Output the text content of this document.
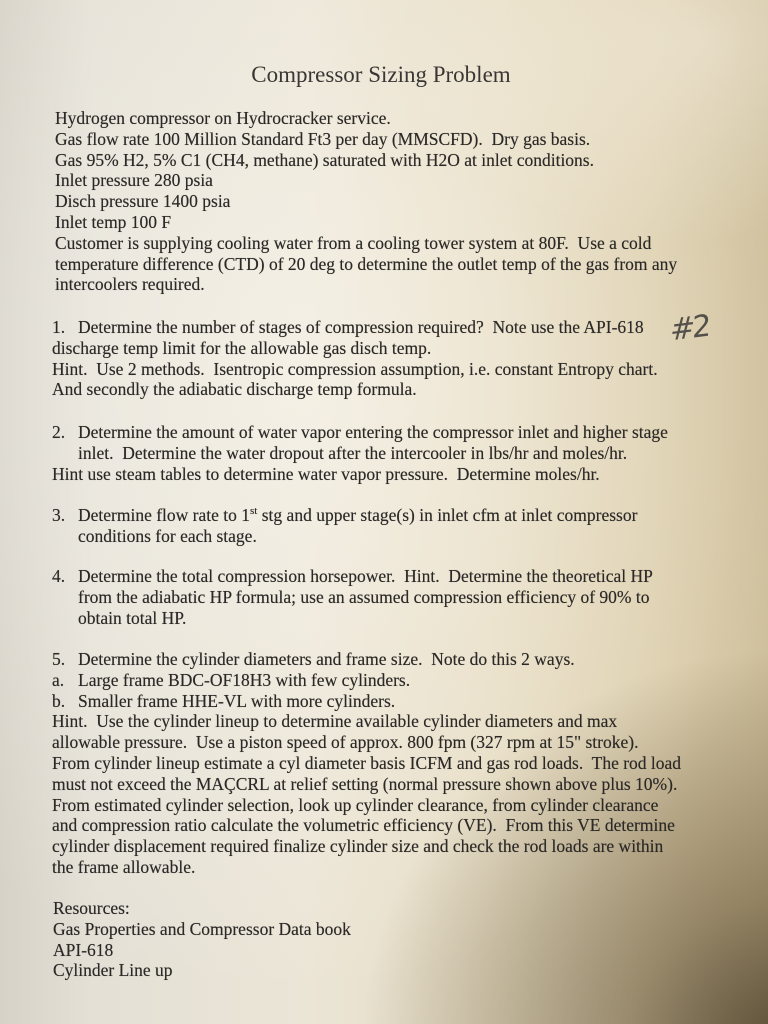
Compressor Sizing Problem
Hydrogen compressor on Hydrocracker service.
Gas flow rate 100 Million Standard Ft3 per day (MMSCFD).  Dry gas basis.
Gas 95% H2, 5% C1 (CH4, methane) saturated with H2O at inlet conditions.
Inlet pressure 280 psia
Disch pressure 1400 psia
Inlet temp 100 F
Customer is supplying cooling water from a cooling tower system at 80F.  Use a cold
temperature difference (CTD) of 20 deg to determine the outlet temp of the gas from any
intercoolers required.
1. Determine the number of stages of compression required?  Note use the API-618
discharge temp limit for the allowable gas disch temp.
Hint.  Use 2 methods.  Isentropic compression assumption, i.e. constant Entropy chart.
And secondly the adiabatic discharge temp formula.
#2
2. Determine the amount of water vapor entering the compressor inlet and higher stage
inlet.  Determine the water dropout after the intercooler in lbs/hr and moles/hr.
Hint use steam tables to determine water vapor pressure.  Determine moles/hr.
3. Determine flow rate to 1st stg and upper stage(s) in inlet cfm at inlet compressor
conditions for each stage.
4. Determine the total compression horsepower.  Hint.  Determine the theoretical HP
from the adiabatic HP formula; use an assumed compression efficiency of 90% to
obtain total HP.
5. Determine the cylinder diameters and frame size.  Note do this 2 ways.
a. Large frame BDC-OF18H3 with few cylinders.
b. Smaller frame HHE-VL with more cylinders.
Hint.  Use the cylinder lineup to determine available cylinder diameters and max
allowable pressure.  Use a piston speed of approx. 800 fpm (327 rpm at 15" stroke).
From cylinder lineup estimate a cyl diameter basis ICFM and gas rod loads.  The rod load
must not exceed the MAÇCRL at relief setting (normal pressure shown above plus 10%).
From estimated cylinder selection, look up cylinder clearance, from cylinder clearance
and compression ratio calculate the volumetric efficiency (VE).  From this VE determine
cylinder displacement required finalize cylinder size and check the rod loads are within
the frame allowable.
Resources:
Gas Properties and Compressor Data book
API-618
Cylinder Line up
